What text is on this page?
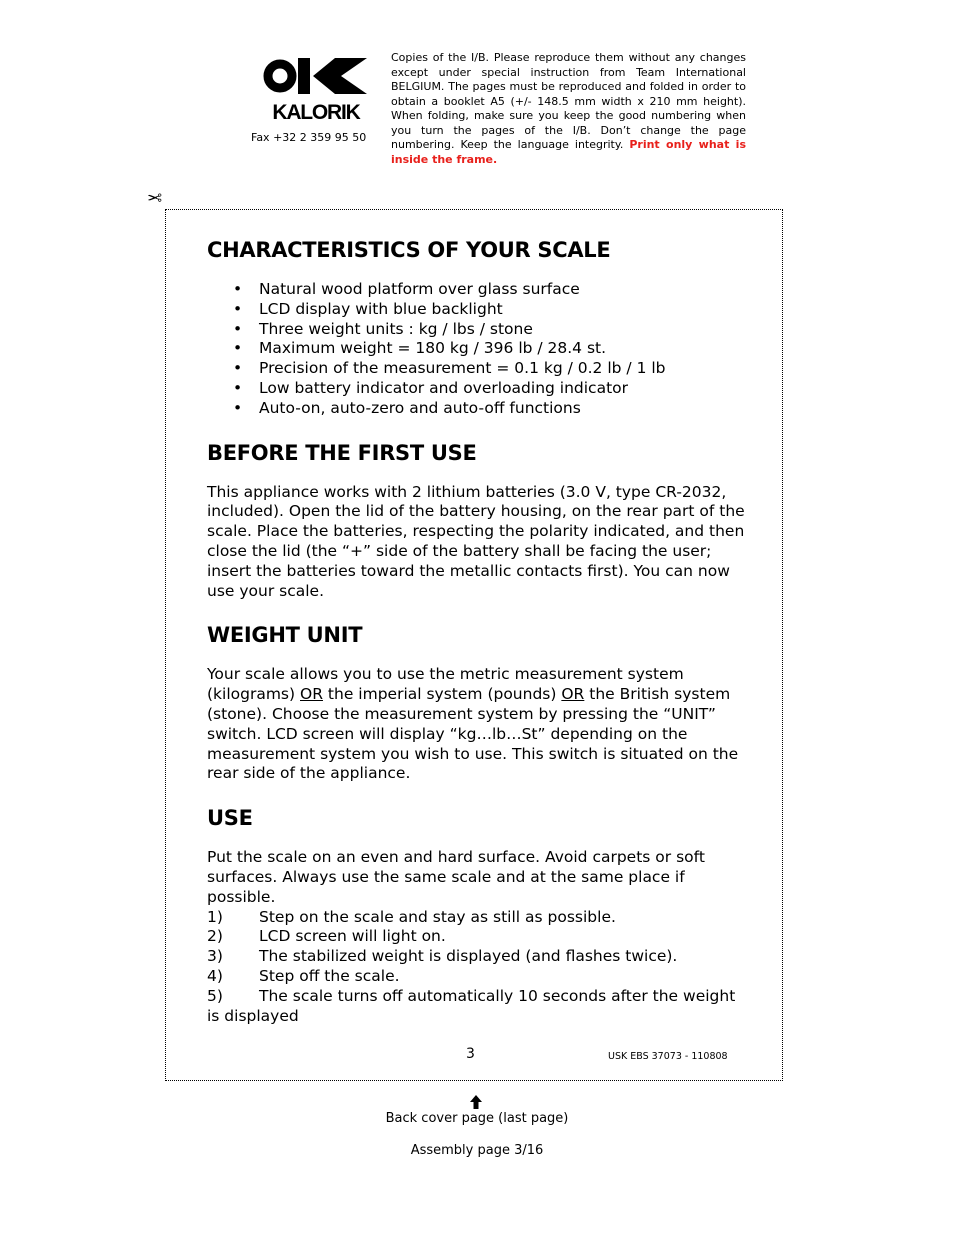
KALORIK
Fax +32 2 359 95 50
Copies of the I/B. Please reproduce them without any changes except under special instruction from Team International BELGIUM. The pages must be reproduced and folded in order to obtain a booklet A5 (+/- 148.5 mm width x 210 mm height). When folding, make sure you keep the good numbering when you turn the pages of the I/B. Don’t change the page numbering. Keep the language integrity. Print only what is inside the frame.
✂
CHARACTERISTICS OF YOUR SCALE
• Natural wood platform over glass surface
• LCD display with blue backlight
• Three weight units : kg / lbs / stone
• Maximum weight = 180 kg / 396 lb / 28.4 st.
• Precision of the measurement = 0.1 kg / 0.2 lb / 1 lb
• Low battery indicator and overloading indicator
• Auto-on, auto-zero and auto-off functions
BEFORE THE FIRST USE

This appliance works with 2 lithium batteries (3.0 V, type CR-2032, included). Open the lid of the battery housing, on the rear part of the scale. Place the batteries, respecting the polarity indicated, and then close the lid (the “+” side of the battery shall be facing the user; insert the batteries toward the metallic contacts first). You can now use your scale.

WEIGHT UNIT

Your scale allows you to use the metric measurement system (kilograms) OR the imperial system (pounds) OR the British system (stone). Choose the measurement system by pressing the “UNIT” switch. LCD screen will display “kg…lb…St” depending on the measurement system you wish to use. This switch is situated on the rear side of the appliance.

USE
Put the scale on an even and hard surface. Avoid carpets or soft surfaces. Always use the same scale and at the same place if possible.
1) Step on the scale and stay as still as possible.
2) LCD screen will light on.
3) The stabilized weight is displayed (and flashes twice).
4) Step off the scale.
5) The scale turns off automatically 10 seconds after the weight is displayed
3	USK EBS 37073 - 110808
Back cover page (last page)
Assembly page 3/16
